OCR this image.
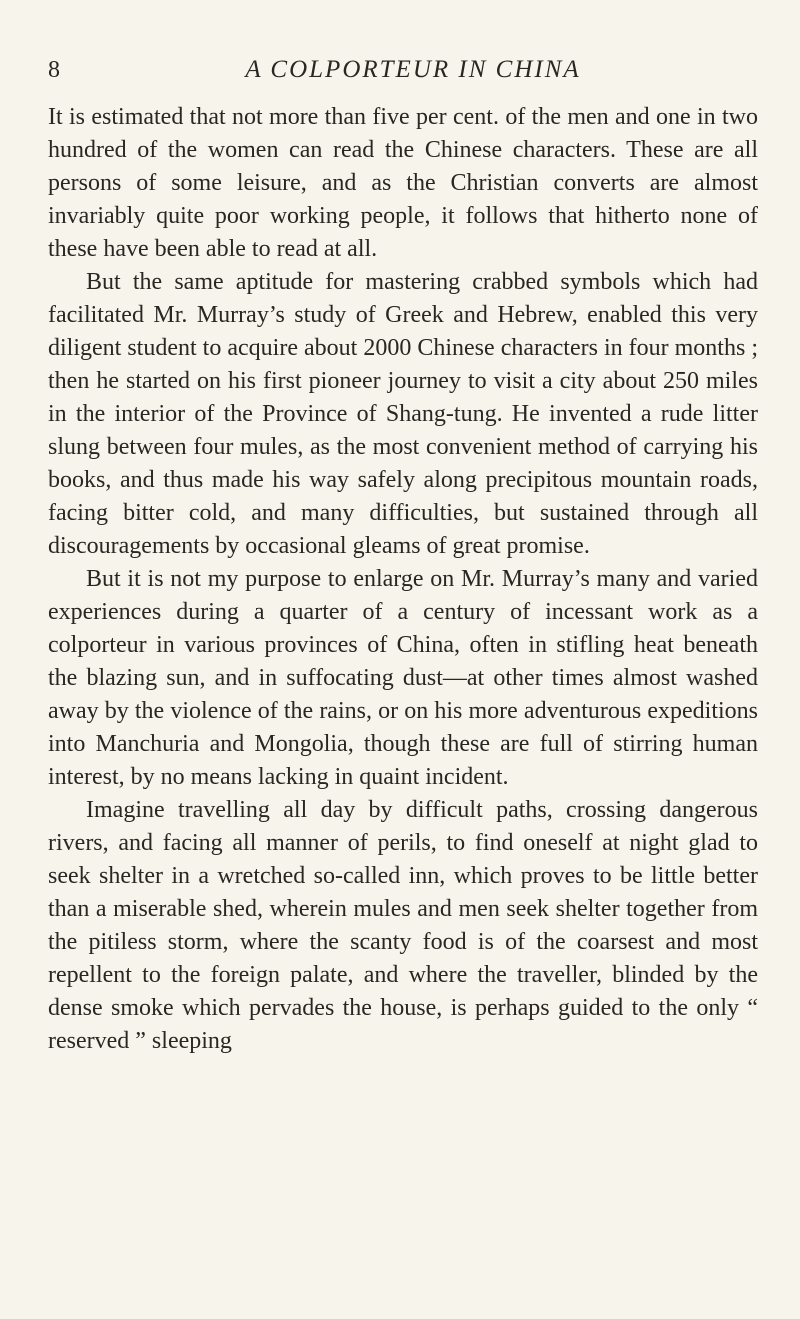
8	A COLPORTEUR IN CHINA

It is estimated that not more than five per cent. of the men and one in two hundred of the women can read the Chinese characters. These are all persons of some leisure, and as the Christian converts are almost invariably quite poor working people, it follows that hitherto none of these have been able to read at all.

But the same aptitude for mastering crabbed symbols which had facilitated Mr. Murray’s study of Greek and Hebrew, enabled this very diligent student to acquire about 2000 Chinese characters in four months ; then he started on his first pioneer journey to visit a city about 250 miles in the interior of the Province of Shang-tung. He invented a rude litter slung between four mules, as the most convenient method of carrying his books, and thus made his way safely along precipitous mountain roads, facing bitter cold, and many difficulties, but sustained through all discouragements by occasional gleams of great promise.

But it is not my purpose to enlarge on Mr. Murray’s many and varied experiences during a quarter of a century of incessant work as a colporteur in various provinces of China, often in stifling heat beneath the blazing sun, and in suffocating dust—at other times almost washed away by the violence of the rains, or on his more adventurous expeditions into Manchuria and Mongolia, though these are full of stirring human interest, by no means lacking in quaint incident.

Imagine travelling all day by difficult paths, crossing dangerous rivers, and facing all manner of perils, to find oneself at night glad to seek shelter in a wretched so-called inn, which proves to be little better than a miserable shed, wherein mules and men seek shelter together from the pitiless storm, where the scanty food is of the coarsest and most repellent to the foreign palate, and where the traveller, blinded by the dense smoke which pervades the house, is perhaps guided to the only “ reserved ” sleeping
